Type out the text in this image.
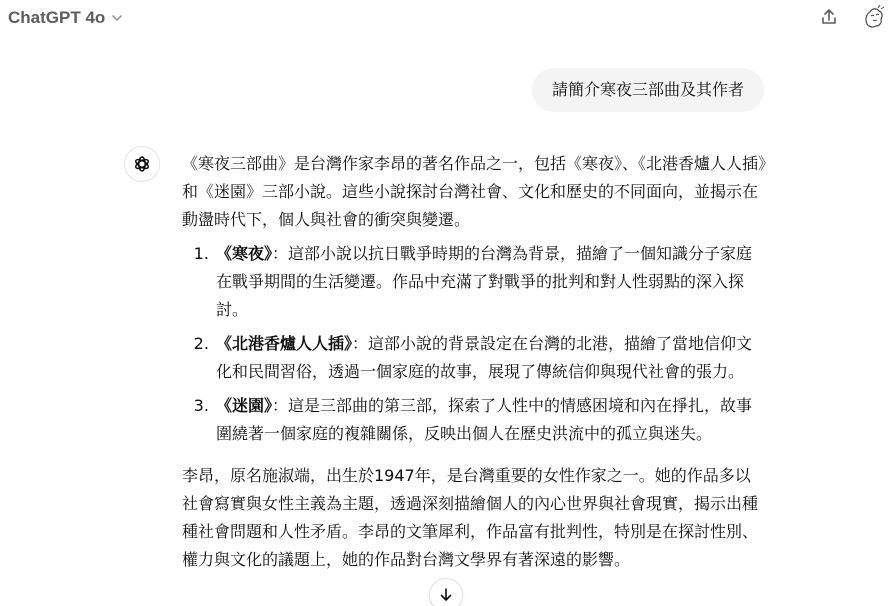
ChatGPT 4o
請簡介寒夜三部曲及其作者

《寒夜三部曲》是台灣作家李昂的著名作品之一，包括《寒夜》、《北港香爐人人插》和《迷園》三部小說。這些小說探討台灣社會、文化和歷史的不同面向，並揭示在動盪時代下，個人與社會的衝突與變遷。

1. 《寒夜》：這部小說以抗日戰爭時期的台灣為背景，描繪了一個知識分子家庭在戰爭期間的生活變遷。作品中充滿了對戰爭的批判和對人性弱點的深入探討。
2. 《北港香爐人人插》：這部小說的背景設定在台灣的北港，描繪了當地信仰文化和民間習俗，透過一個家庭的故事，展現了傳統信仰與現代社會的張力。
3. 《迷園》：這是三部曲的第三部，探索了人性中的情感困境和內在掙扎，故事圍繞著一個家庭的複雜關係，反映出個人在歷史洪流中的孤立與迷失。

李昂，原名施淑端，出生於1947年，是台灣重要的女性作家之一。她的作品多以社會寫實與女性主義為主題，透過深刻描繪個人的內心世界與社會現實，揭示出種種社會問題和人性矛盾。李昂的文筆犀利，作品富有批判性，特別是在探討性別、權力與文化的議題上，她的作品對台灣文學界有著深遠的影響。
